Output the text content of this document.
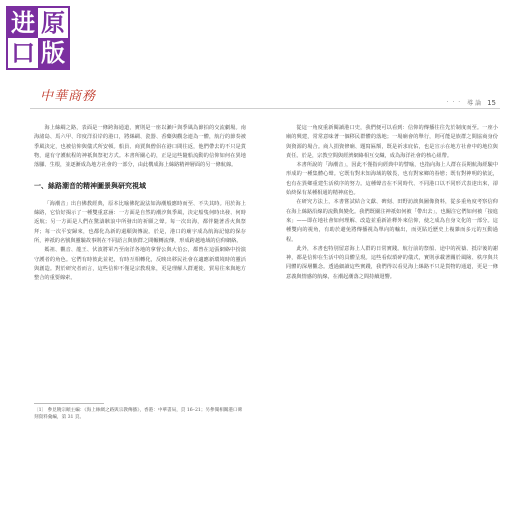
进 原
口 版
中華商務	· · · 導 論 15

海上絲綢之路，表面是一條跨海通道，實則是一座以瀨戶與季風為節拍的交流劇場。南海諸島、馬六甲、印度洋沿岸的港口，將絲綢、瓷器、香藥與觀念連為一體，航行的節奏被季風決定，也被信仰與儀式所安頓。船員、商賈與僧侶在港口間往返，他們帶去的不只是貨物，還有守護航程的神祇與祭祀方式。本書所關心的，正是這些隨船流動的信仰如何在異地落腳、生根，並逐漸成為地方社會的一部分，由此構成海上絲路精神層面的另一條航線。

一、絲路潮音的精神圖景與研究視域

「海潮音」出自佛教經典，原本比喻佛陀說法如海潮般應時而至、不失其時。用於海上絲路，它恰好揭示了一種雙重意涵：一方面是自然的潮汐與季風，決定船隻何時出發、何時返航；另一方面是人們在驚濤駭浪中所發出的祈願之聲。每一次出海，都伴隨著香火與祭拜；每一次平安歸來，也都化為新的還願與傳說。於是，港口的廟宇成為航海記憶的保存所，神祇的名號與靈驗故事則在不同語言與族群之間輾轉流傳，形成跨越地域的信仰網絡。

媽祖、觀音、龍王、伏波將軍乃至南洋各地的拿督公與大伯公，都曾在這張網絡中扮演守護者的角色。它們有時彼此並祀，有時互相轉化，反映出移民社會在適應新環境時的靈活與創造。對於研究者而言，這些信仰不僅是宗教現象，更是理解人群遷徙、貿易往來與地方整合的重要線索。

〔1〕 參見饒宗頤主編：《海上絲綢之路與宗教傳播》，香港：中華書局，頁 16–21；另參閱相關港口碑刻資料彙編，第 31 頁。

從這一角度重新閱讀港口史，我們便可以看到：信仰的傳播往往先於制度而至。一座小廟的興建，常常意味著一個移民群體的落地；一場廟會的舉行，則可能是族群之間協商身份與資源的場合。商人捐資修廟、題寫匾額，既是祈求庇佑，也是宣示在地方社會中的地位與責任。於是，宗教空間與經濟網絡相互交織，成為海洋社會的核心紐帶。

本書所說的「海潮音」，因此不僅指向經典中的譬喻，也指向海上人群在長期航海經驗中形成的一種集體心聲。它既有對未知海域的敬畏，也有對家鄉的眷戀；既有對神明的依託，也有在異鄉重建生活秩序的努力。這種聲音在不同時代、不同港口以不同形式表達出來，卻始終保有某種相通的精神底色。

在研究方法上，本書嘗試結合文獻、碑刻、田野訪談與圖像資料，從多重角度考察信仰在海上絲路沿線的流動與變化。我們既關注神祇如何被「帶出去」，也關注它們如何被「接進來」——即在地社會如何理解、改造並重新詮釋外來信仰，使之成為自身文化的一部分。這種雙向的視角，有助於避免將傳播視為單向的輸出，而更貼近歷史上複雜而多元的互動過程。

此外，本書也特別留意海上人群的日常實踐。航行前的祭船、途中的祝禱、抵岸後的謝神，都是信仰在生活中的具體呈現。這些看似瑣碎的儀式，實則承載著關於風險、秩序與共同體的深層觀念。透過細讀這些實踐，我們得以看見海上絲路不只是貨物的通道，更是一條意義與情感的航線，在潮起潮落之間持續迴響。
